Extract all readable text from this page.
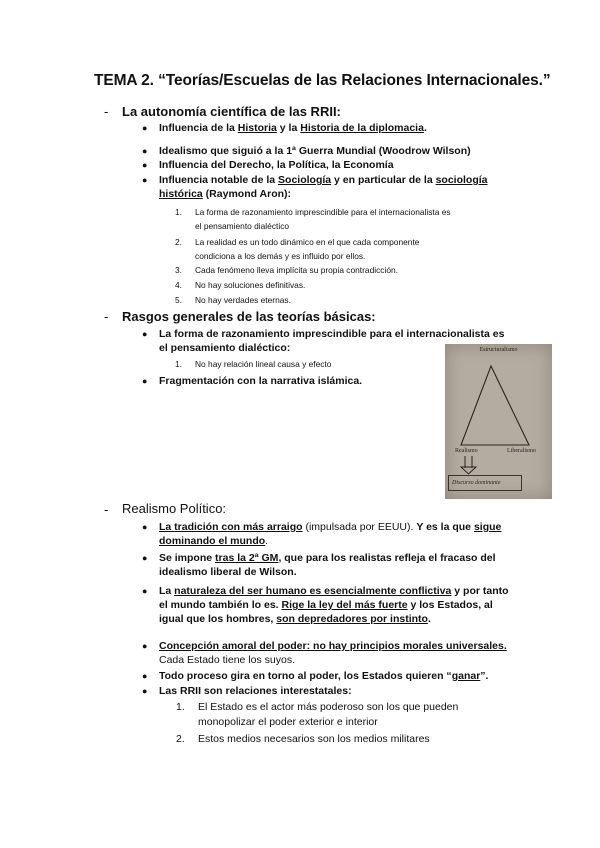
TEMA 2. “Teorías/Escuelas de las Relaciones Internacionales.”
- La autonomía científica de las RRII:
● Influencia de la Historia y la Historia de la diplomacia.
● Idealismo que siguió a la 1ª Guerra Mundial (Woodrow Wilson)
● Influencia del Derecho, la Política, la Economía
● Influencia notable de la Sociología y en particular de la sociología
histórica (Raymond Aron):
1. La forma de razonamiento imprescindible para el internacionalista es
el pensamiento dialéctico
2. La realidad es un todo dinámico en el que cada componente
condiciona a los demás y es influido por ellos.
3. Cada fenómeno lleva implícita su propia contradicción.
4. No hay soluciones definitivas.
5. No hay verdades eternas.
- Rasgos generales de las teorías básicas:
● La forma de razonamiento imprescindible para el internacionalista es
el pensamiento dialéctico:
1. No hay relación lineal causa y efecto
● Fragmentación con la narrativa islámica.
Estructuralismo
Realismo	Liberalismo
Discurso dominante
- Realismo Político:
● La tradición con más arraigo (impulsada por EEUU). Y es la que sigue
dominando el mundo.
● Se impone tras la 2ª GM, que para los realistas refleja el fracaso del
idealismo liberal de Wilson.
● La naturaleza del ser humano es esencialmente conflictiva y por tanto
el mundo también lo es. Rige la ley del más fuerte y los Estados, al
igual que los hombres, son depredadores por instinto.
● Concepción amoral del poder: no hay principios morales universales.
Cada Estado tiene los suyos.
● Todo proceso gira en torno al poder, los Estados quieren “ganar”.
● Las RRII son relaciones interestatales:
1. El Estado es el actor más poderoso son los que pueden
monopolizar el poder exterior e interior
2. Estos medios necesarios son los medios militares
